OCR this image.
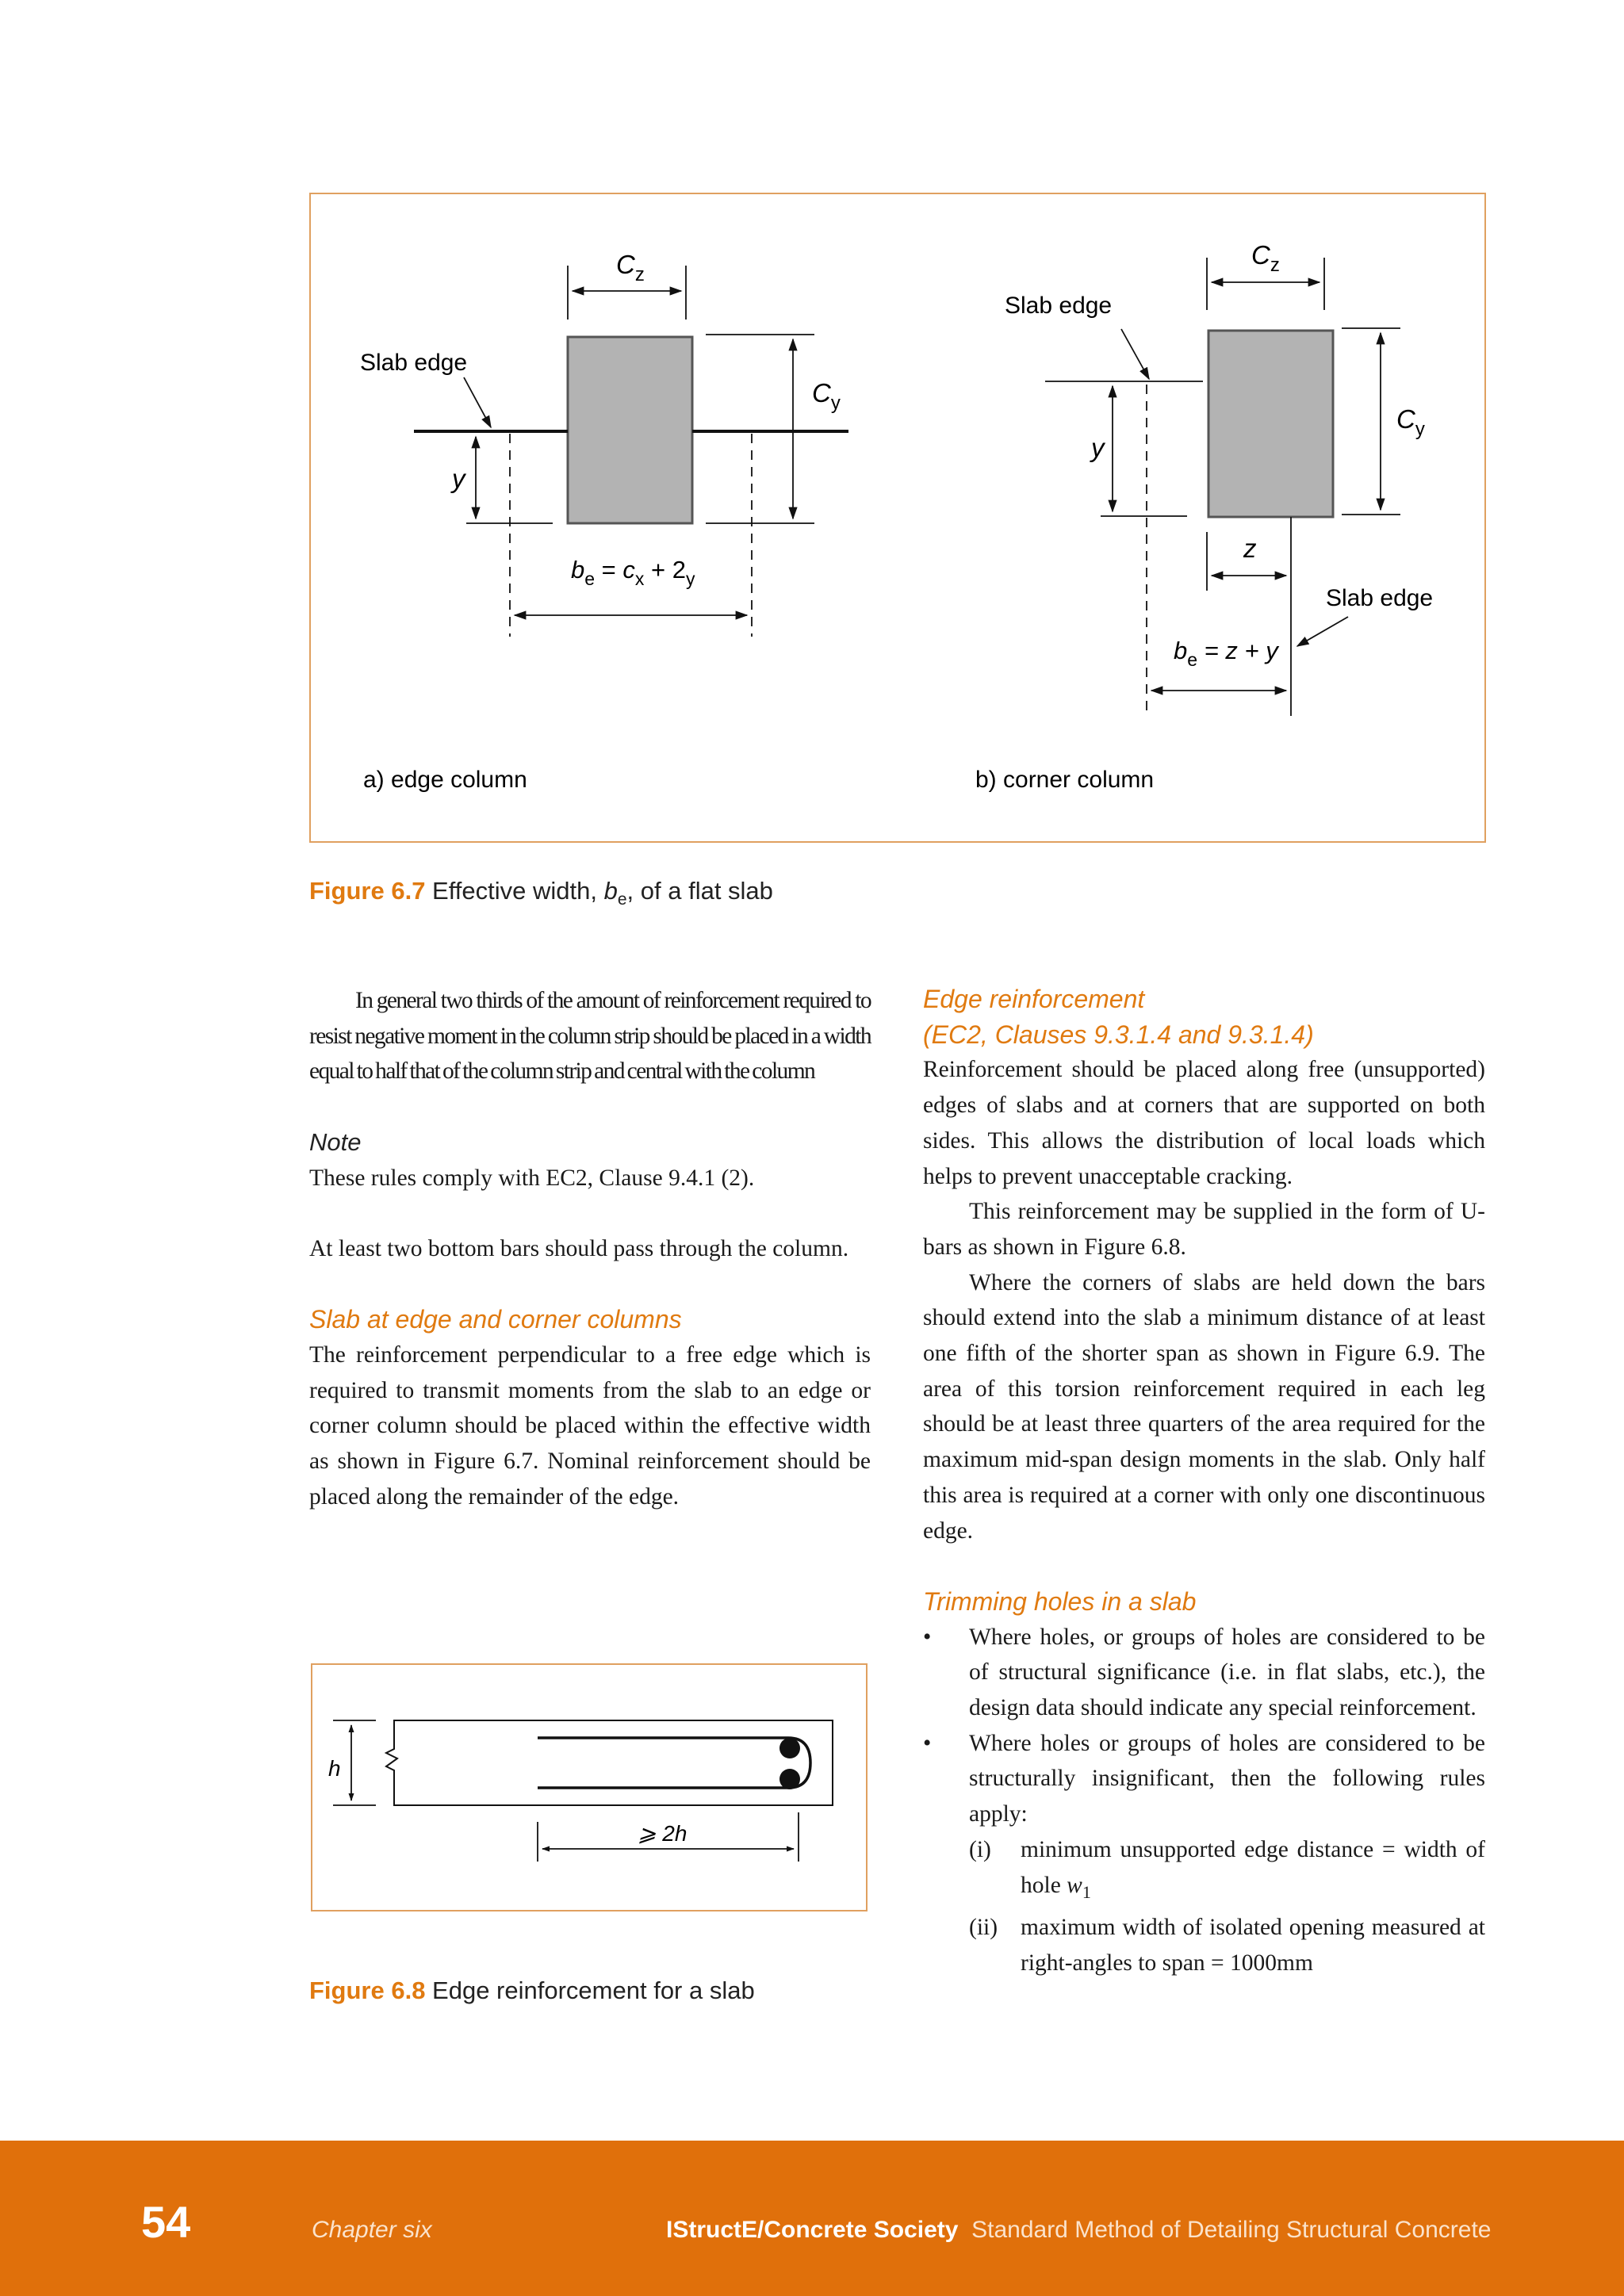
$C_z$
$C_y$
Slab edge
y
$b_e = c_x + 2_y$
a) edge column
$C_z$
$C_y$
Slab edge
y
z
Slab edge
$b_e = z + y$
b) corner column
Figure 6.7 Effective width, $b_e$, of a flat slab

In general two thirds of the amount of reinforcement required to resist negative moment in the column strip should be placed in a width equal to half that of the column strip and central with the column

Note

These rules comply with EC2, Clause 9.4.1 (2).

At least two bottom bars should pass through the column.

Slab at edge and corner columns

The reinforcement perpendicular to a free edge which is required to transmit moments from the slab to an edge or corner column should be placed within the effective width as shown in Figure 6.7. Nominal reinforcement should be placed along the remainder of the edge.

h
⩾ 2h
Figure 6.8 Edge reinforcement for a slab
Edge reinforcement
(EC2, Clauses 9.3.1.4 and 9.3.1.4)

Reinforcement should be placed along free (unsupported) edges of slabs and at corners that are supported on both sides. This allows the distribution of local loads which helps to prevent unacceptable cracking.

This reinforcement may be supplied in the form of U-bars as shown in Figure 6.8.

Where the corners of slabs are held down the bars should extend into the slab a minimum distance of at least one fifth of the shorter span as shown in Figure 6.9. The area of this torsion reinforcement required in each leg should be at least three quarters of the area required for the maximum mid-span design moments in the slab. Only half this area is required at a corner with only one discontinuous edge.

Trimming holes in a slab

• Where holes, or groups of holes are considered to be of structural significance (i.e. in flat slabs, etc.), the design data should indicate any special reinforcement.

• Where holes or groups of holes are considered to be structurally insignificant, then the following rules apply:

(i) minimum unsupported edge distance = width of hole $w_1$

(ii) maximum width of isolated opening measured at right-angles to span = 1000mm

54	Chapter six	IStructE/Concrete Society Standard Method of Detailing Structural Concrete
